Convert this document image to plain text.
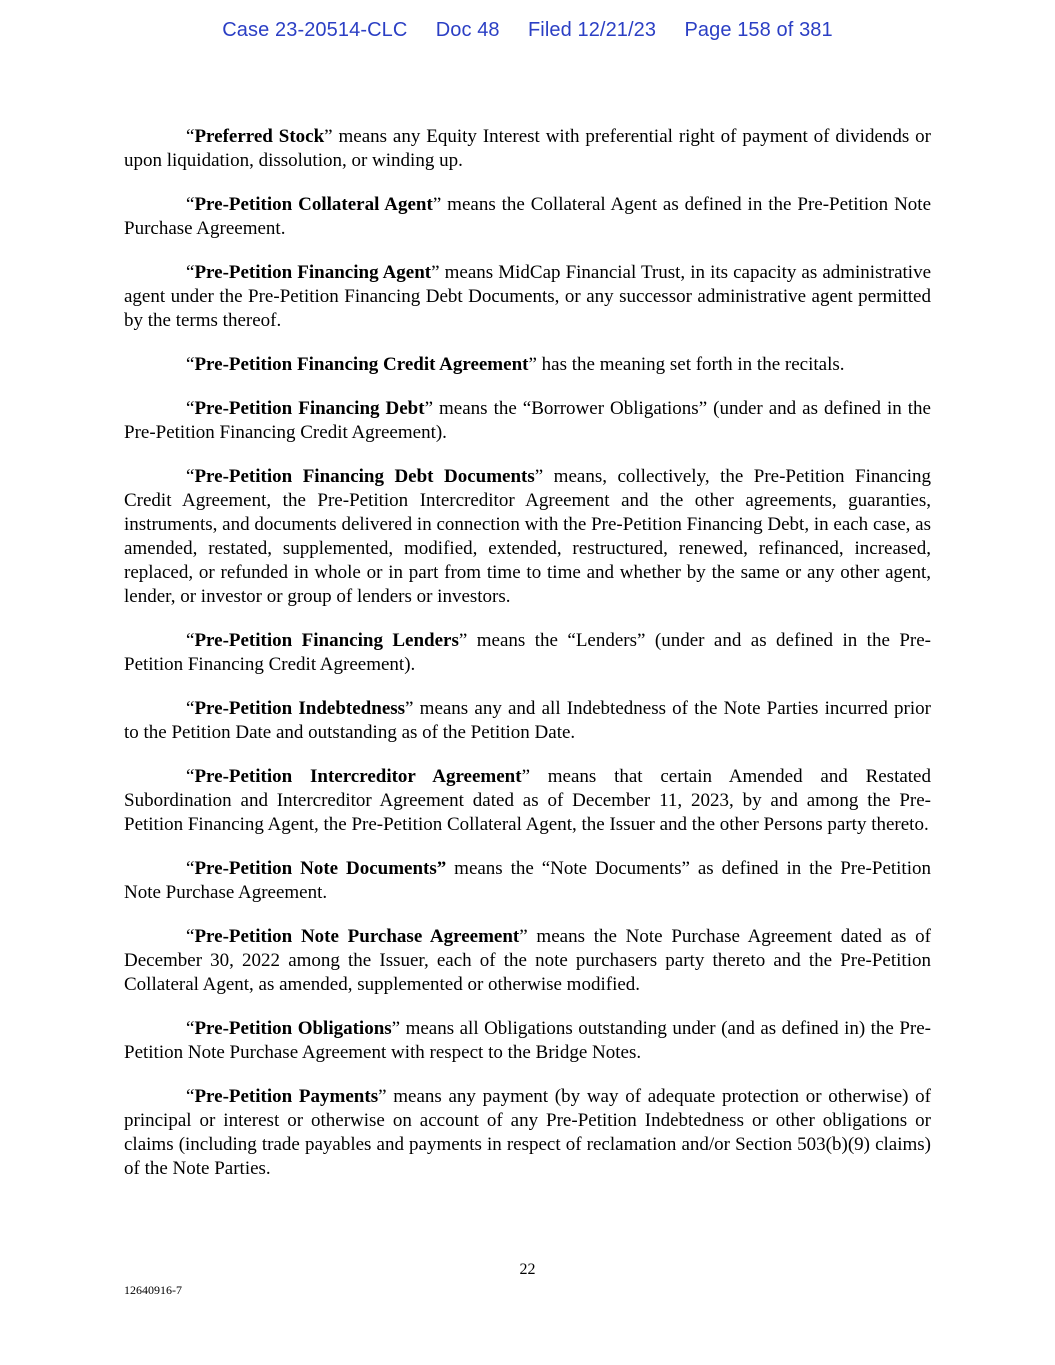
Case 23-20514-CLC Doc 48 Filed 12/21/23 Page 158 of 381

“Preferred Stock” means any Equity Interest with preferential right of payment of dividends or upon liquidation, dissolution, or winding up.

“Pre-Petition Collateral Agent” means the Collateral Agent as defined in the Pre-Petition Note Purchase Agreement.

“Pre-Petition Financing Agent” means MidCap Financial Trust, in its capacity as administrative agent under the Pre-Petition Financing Debt Documents, or any successor administrative agent permitted by the terms thereof.

“Pre-Petition Financing Credit Agreement” has the meaning set forth in the recitals.

“Pre-Petition Financing Debt” means the “Borrower Obligations” (under and as defined in the Pre-Petition Financing Credit Agreement).

“Pre-Petition Financing Debt Documents” means, collectively, the Pre-Petition Financing Credit Agreement, the Pre-Petition Intercreditor Agreement and the other agreements, guaranties, instruments, and documents delivered in connection with the Pre-Petition Financing Debt, in each case, as amended, restated, supplemented, modified, extended, restructured, renewed, refinanced, increased, replaced, or refunded in whole or in part from time to time and whether by the same or any other agent, lender, or investor or group of lenders or investors.

“Pre-Petition Financing Lenders” means the “Lenders” (under and as defined in the Pre-Petition Financing Credit Agreement).

“Pre-Petition Indebtedness” means any and all Indebtedness of the Note Parties incurred prior to the Petition Date and outstanding as of the Petition Date.

“Pre-Petition Intercreditor Agreement” means that certain Amended and Restated Subordination and Intercreditor Agreement dated as of December 11, 2023, by and among the Pre-Petition Financing Agent, the Pre-Petition Collateral Agent, the Issuer and the other Persons party thereto.

“Pre-Petition Note Documents” means the “Note Documents” as defined in the Pre-Petition Note Purchase Agreement.

“Pre-Petition Note Purchase Agreement” means the Note Purchase Agreement dated as of December 30, 2022 among the Issuer, each of the note purchasers party thereto and the Pre-Petition Collateral Agent, as amended, supplemented or otherwise modified.

“Pre-Petition Obligations” means all Obligations outstanding under (and as defined in) the Pre-Petition Note Purchase Agreement with respect to the Bridge Notes.

“Pre-Petition Payments” means any payment (by way of adequate protection or otherwise) of principal or interest or otherwise on account of any Pre-Petition Indebtedness or other obligations or claims (including trade payables and payments in respect of reclamation and/or Section 503(b)(9) claims) of the Note Parties.

22
12640916-7
